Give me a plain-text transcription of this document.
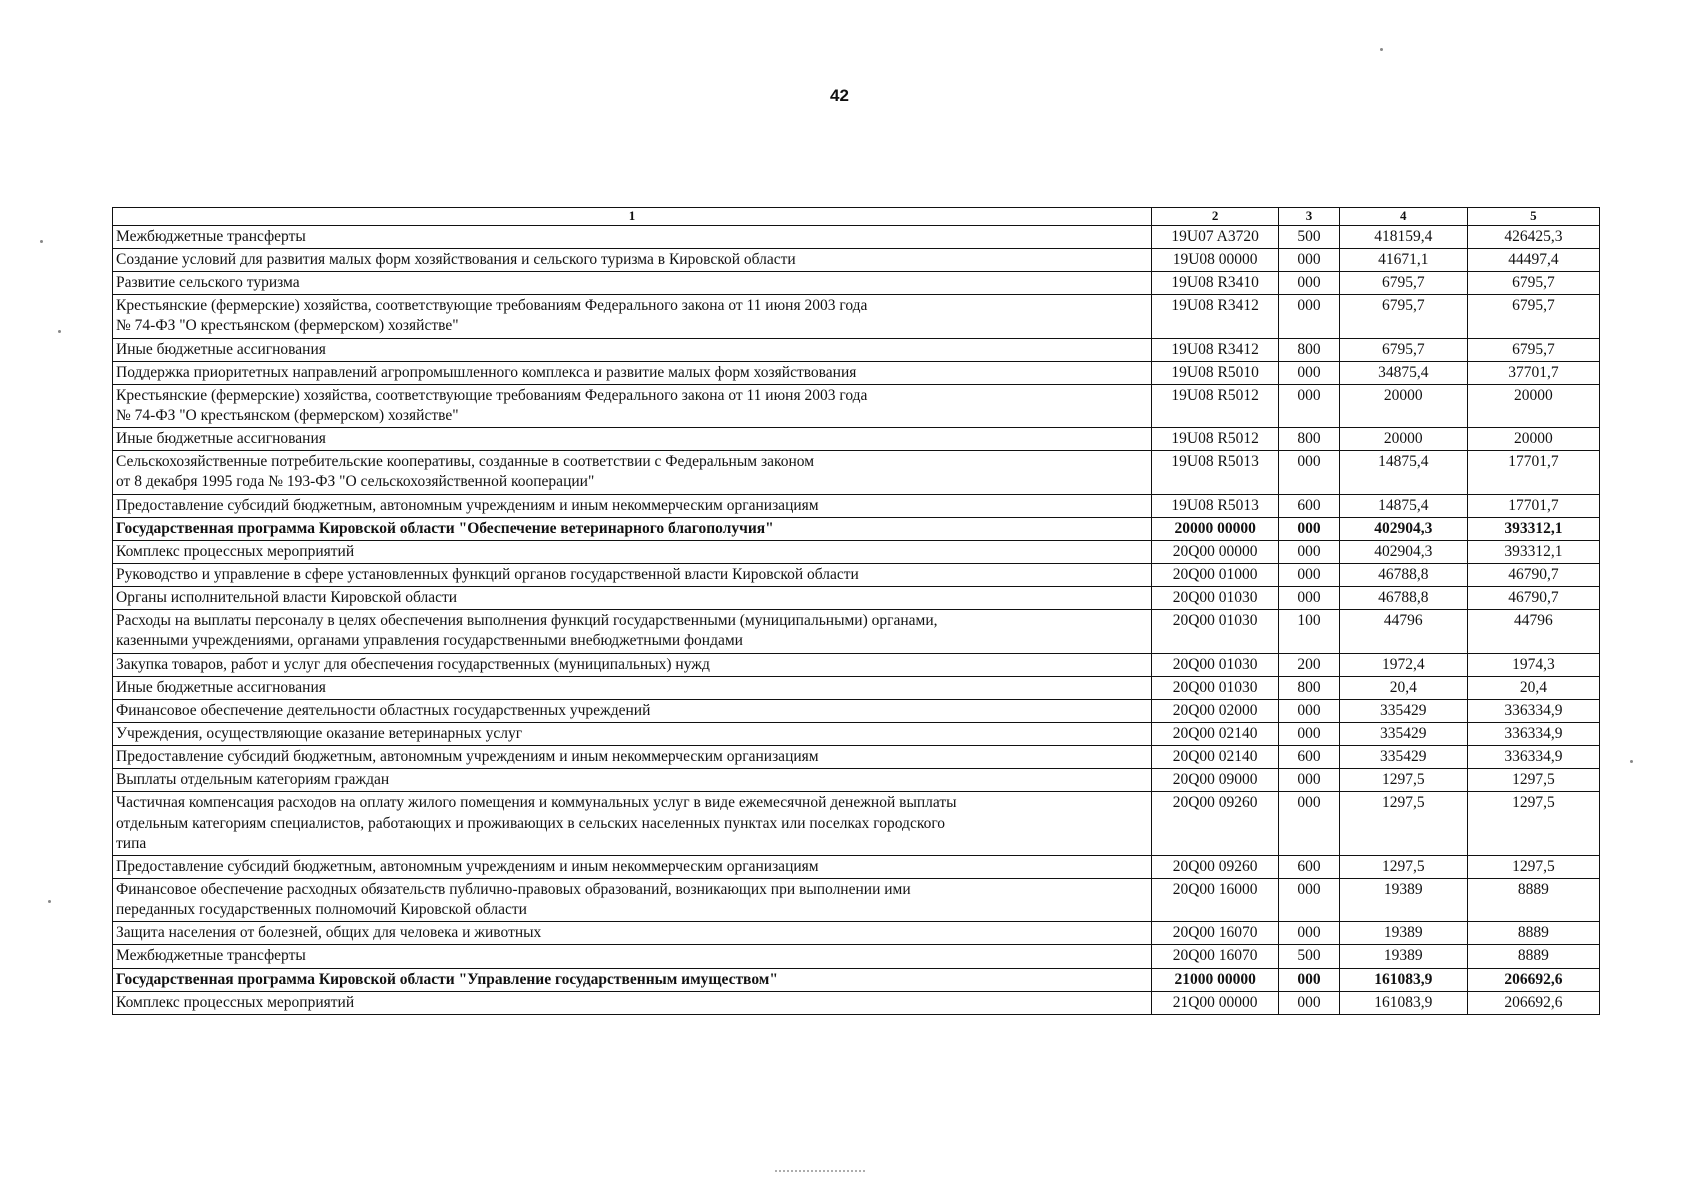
42
1	2	3	4	5
Межбюджетные трансферты	19U07 A3720	500	418159,4	426425,3
Создание условий для развития малых форм хозяйствования и сельского туризма в Кировской области	19U08 00000	000	41671,1	44497,4
Развитие сельского туризма	19U08 R3410	000	6795,7	6795,7
Крестьянские (фермерские) хозяйства, соответствующие требованиям Федерального закона от 11 июня 2003 года
№ 74-ФЗ "О крестьянском (фермерском) хозяйстве"	19U08 R3412	000	6795,7	6795,7
Иные бюджетные ассигнования	19U08 R3412	800	6795,7	6795,7
Поддержка приоритетных направлений агропромышленного комплекса и развитие малых форм хозяйствования	19U08 R5010	000	34875,4	37701,7
Крестьянские (фермерские) хозяйства, соответствующие требованиям Федерального закона от 11 июня 2003 года
№ 74-ФЗ "О крестьянском (фермерском) хозяйстве"	19U08 R5012	000	20000	20000
Иные бюджетные ассигнования	19U08 R5012	800	20000	20000
Сельскохозяйственные потребительские кооперативы, созданные в соответствии с Федеральным законом
от 8 декабря 1995 года № 193-ФЗ "О сельскохозяйственной кооперации"	19U08 R5013	000	14875,4	17701,7
Предоставление субсидий бюджетным, автономным учреждениям и иным некоммерческим организациям	19U08 R5013	600	14875,4	17701,7
Государственная программа Кировской области "Обеспечение ветеринарного благополучия"	20000 00000	000	402904,3	393312,1
Комплекс процессных мероприятий	20Q00 00000	000	402904,3	393312,1
Руководство и управление в сфере установленных функций органов государственной власти Кировской области	20Q00 01000	000	46788,8	46790,7
Органы исполнительной власти Кировской области	20Q00 01030	000	46788,8	46790,7
Расходы на выплаты персоналу в целях обеспечения выполнения функций государственными (муниципальными) органами,
казенными учреждениями, органами управления государственными внебюджетными фондами	20Q00 01030	100	44796	44796
Закупка товаров, работ и услуг для обеспечения государственных (муниципальных) нужд	20Q00 01030	200	1972,4	1974,3
Иные бюджетные ассигнования	20Q00 01030	800	20,4	20,4
Финансовое обеспечение деятельности областных государственных учреждений	20Q00 02000	000	335429	336334,9
Учреждения, осуществляющие оказание ветеринарных услуг	20Q00 02140	000	335429	336334,9
Предоставление субсидий бюджетным, автономным учреждениям и иным некоммерческим организациям	20Q00 02140	600	335429	336334,9
Выплаты отдельным категориям граждан	20Q00 09000	000	1297,5	1297,5
Частичная компенсация расходов на оплату жилого помещения и коммунальных услуг в виде ежемесячной денежной выплаты
отдельным категориям специалистов, работающих и проживающих в сельских населенных пунктах или поселках городского
типа	20Q00 09260	000	1297,5	1297,5
Предоставление субсидий бюджетным, автономным учреждениям и иным некоммерческим организациям	20Q00 09260	600	1297,5	1297,5
Финансовое обеспечение расходных обязательств публично-правовых образований, возникающих при выполнении ими
переданных государственных полномочий Кировской области	20Q00 16000	000	19389	8889
Защита населения от болезней, общих для человека и животных	20Q00 16070	000	19389	8889
Межбюджетные трансферты	20Q00 16070	500	19389	8889
Государственная программа Кировской области "Управление государственным имуществом"	21000 00000	000	161083,9	206692,6
Комплекс процессных мероприятий	21Q00 00000	000	161083,9	206692,6
